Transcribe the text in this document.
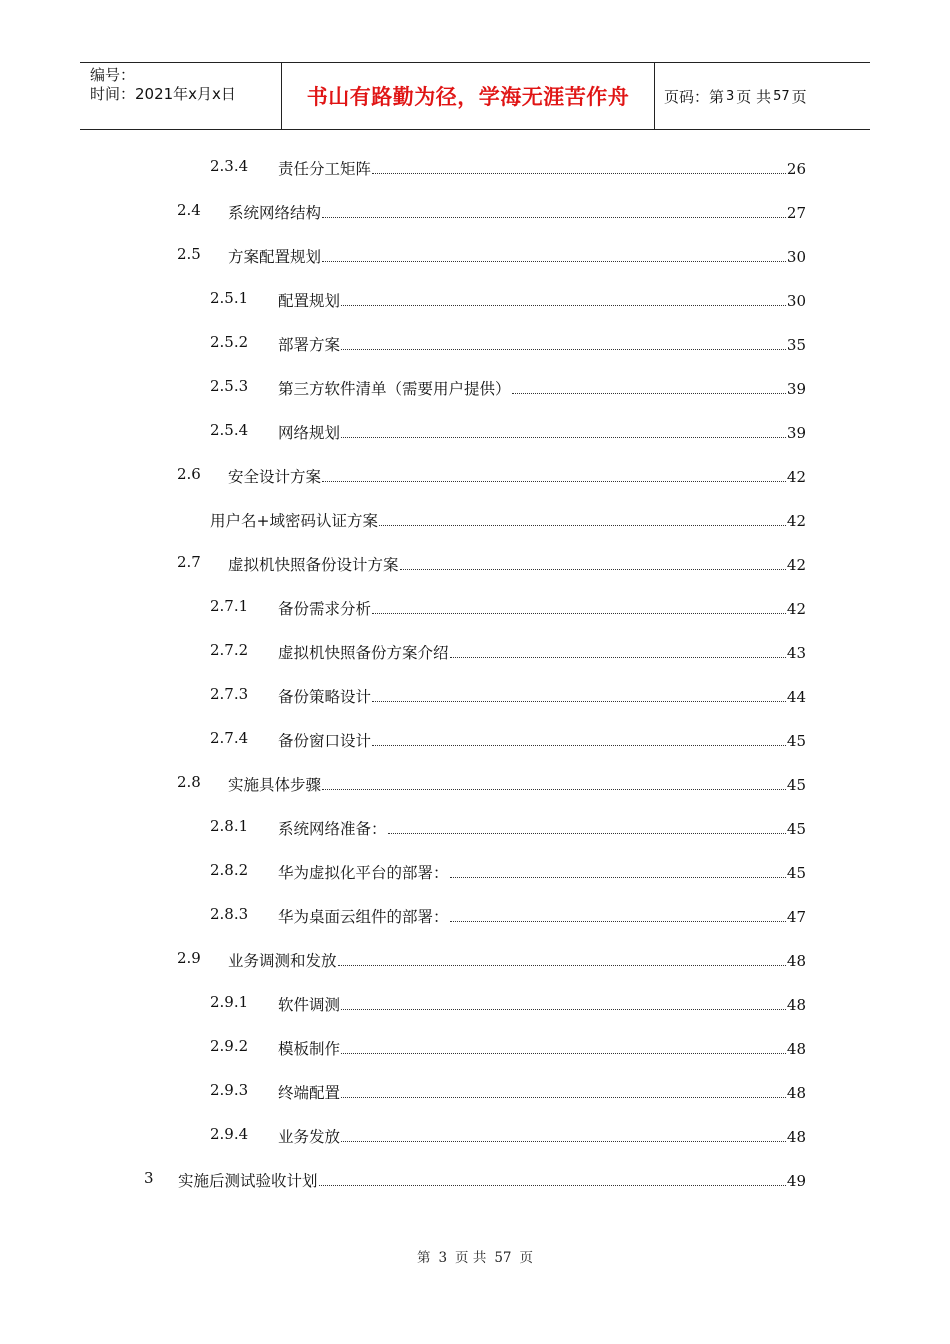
编号：
时间：2021年x月x日	书山有路勤为径，学海无涯苦作舟 页码：第 3 页 共 57 页
2.3.4 责任分工矩阵	26
2.4 系统网络结构	27
2.5 方案配置规划	30
2.5.1 配置规划	30
2.5.2 部署方案	35
2.5.3 第三方软件清单（需要用户提供）	39
2.5.4 网络规划	39
2.6 安全设计方案	42
用户名+域密码认证方案	42
2.7 虚拟机快照备份设计方案	42
2.7.1 备份需求分析	42
2.7.2 虚拟机快照备份方案介绍	43
2.7.3 备份策略设计	44
2.7.4 备份窗口设计	45
2.8 实施具体步骤	45
2.8.1 系统网络准备：	45
2.8.2 华为虚拟化平台的部署：	45
2.8.3 华为桌面云组件的部署：	47
2.9 业务调测和发放	48
2.9.1 软件调测	48
2.9.2 模板制作	48
2.9.3 终端配置	48
2.9.4 业务发放	48
3 实施后测试验收计划	49
第 3 页 共 57 页
